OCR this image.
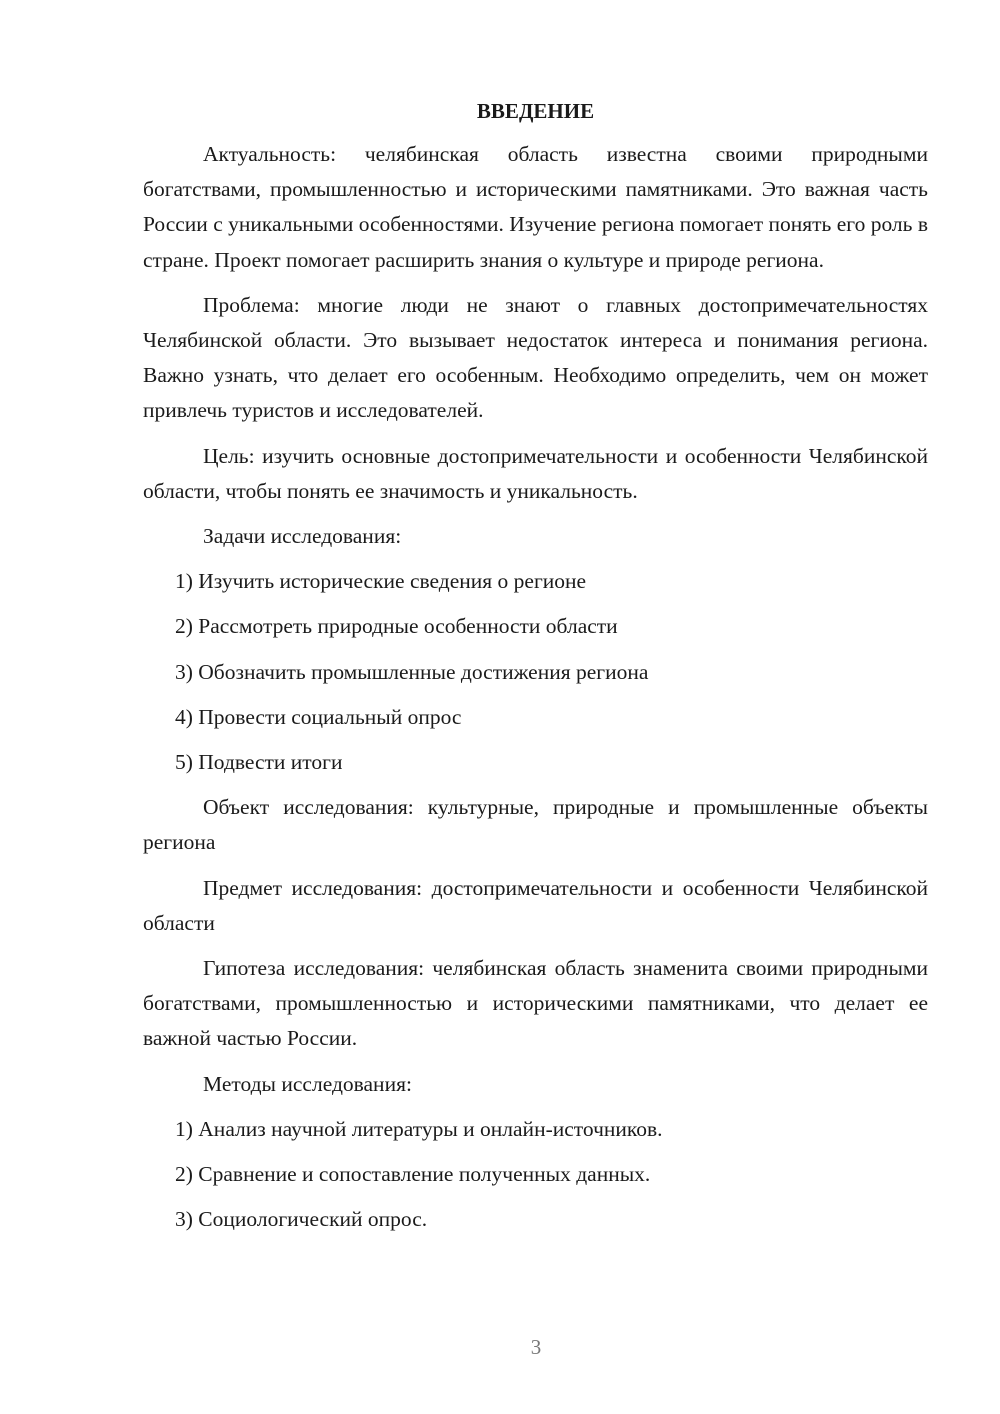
ВВЕДЕНИЕ

Актуальность: челябинская область известна своими природными богатствами, промышленностью и историческими памятниками. Это важная часть России с уникальными особенностями. Изучение региона помогает понять его роль в стране. Проект помогает расширить знания о культуре и природе региона.

Проблема: многие люди не знают о главных достопримечательностях Челябинской области. Это вызывает недостаток интереса и понимания региона. Важно узнать, что делает его особенным. Необходимо определить, чем он может привлечь туристов и исследователей.

Цель: изучить основные достопримечательности и особенности Челябинской области, чтобы понять ее значимость и уникальность.

Задачи исследования:

1) Изучить исторические сведения о регионе

2) Рассмотреть природные особенности области

3) Обозначить промышленные достижения региона

4) Провести социальный опрос

5) Подвести итоги

Объект исследования: культурные, природные и промышленные объекты региона

Предмет исследования: достопримечательности и особенности Челябинской области

Гипотеза исследования: челябинская область знаменита своими природными богатствами, промышленностью и историческими памятниками, что делает ее важной частью России.

Методы исследования:

1) Анализ научной литературы и онлайн-источников.

2) Сравнение и сопоставление полученных данных.

3) Социологический опрос.

3
